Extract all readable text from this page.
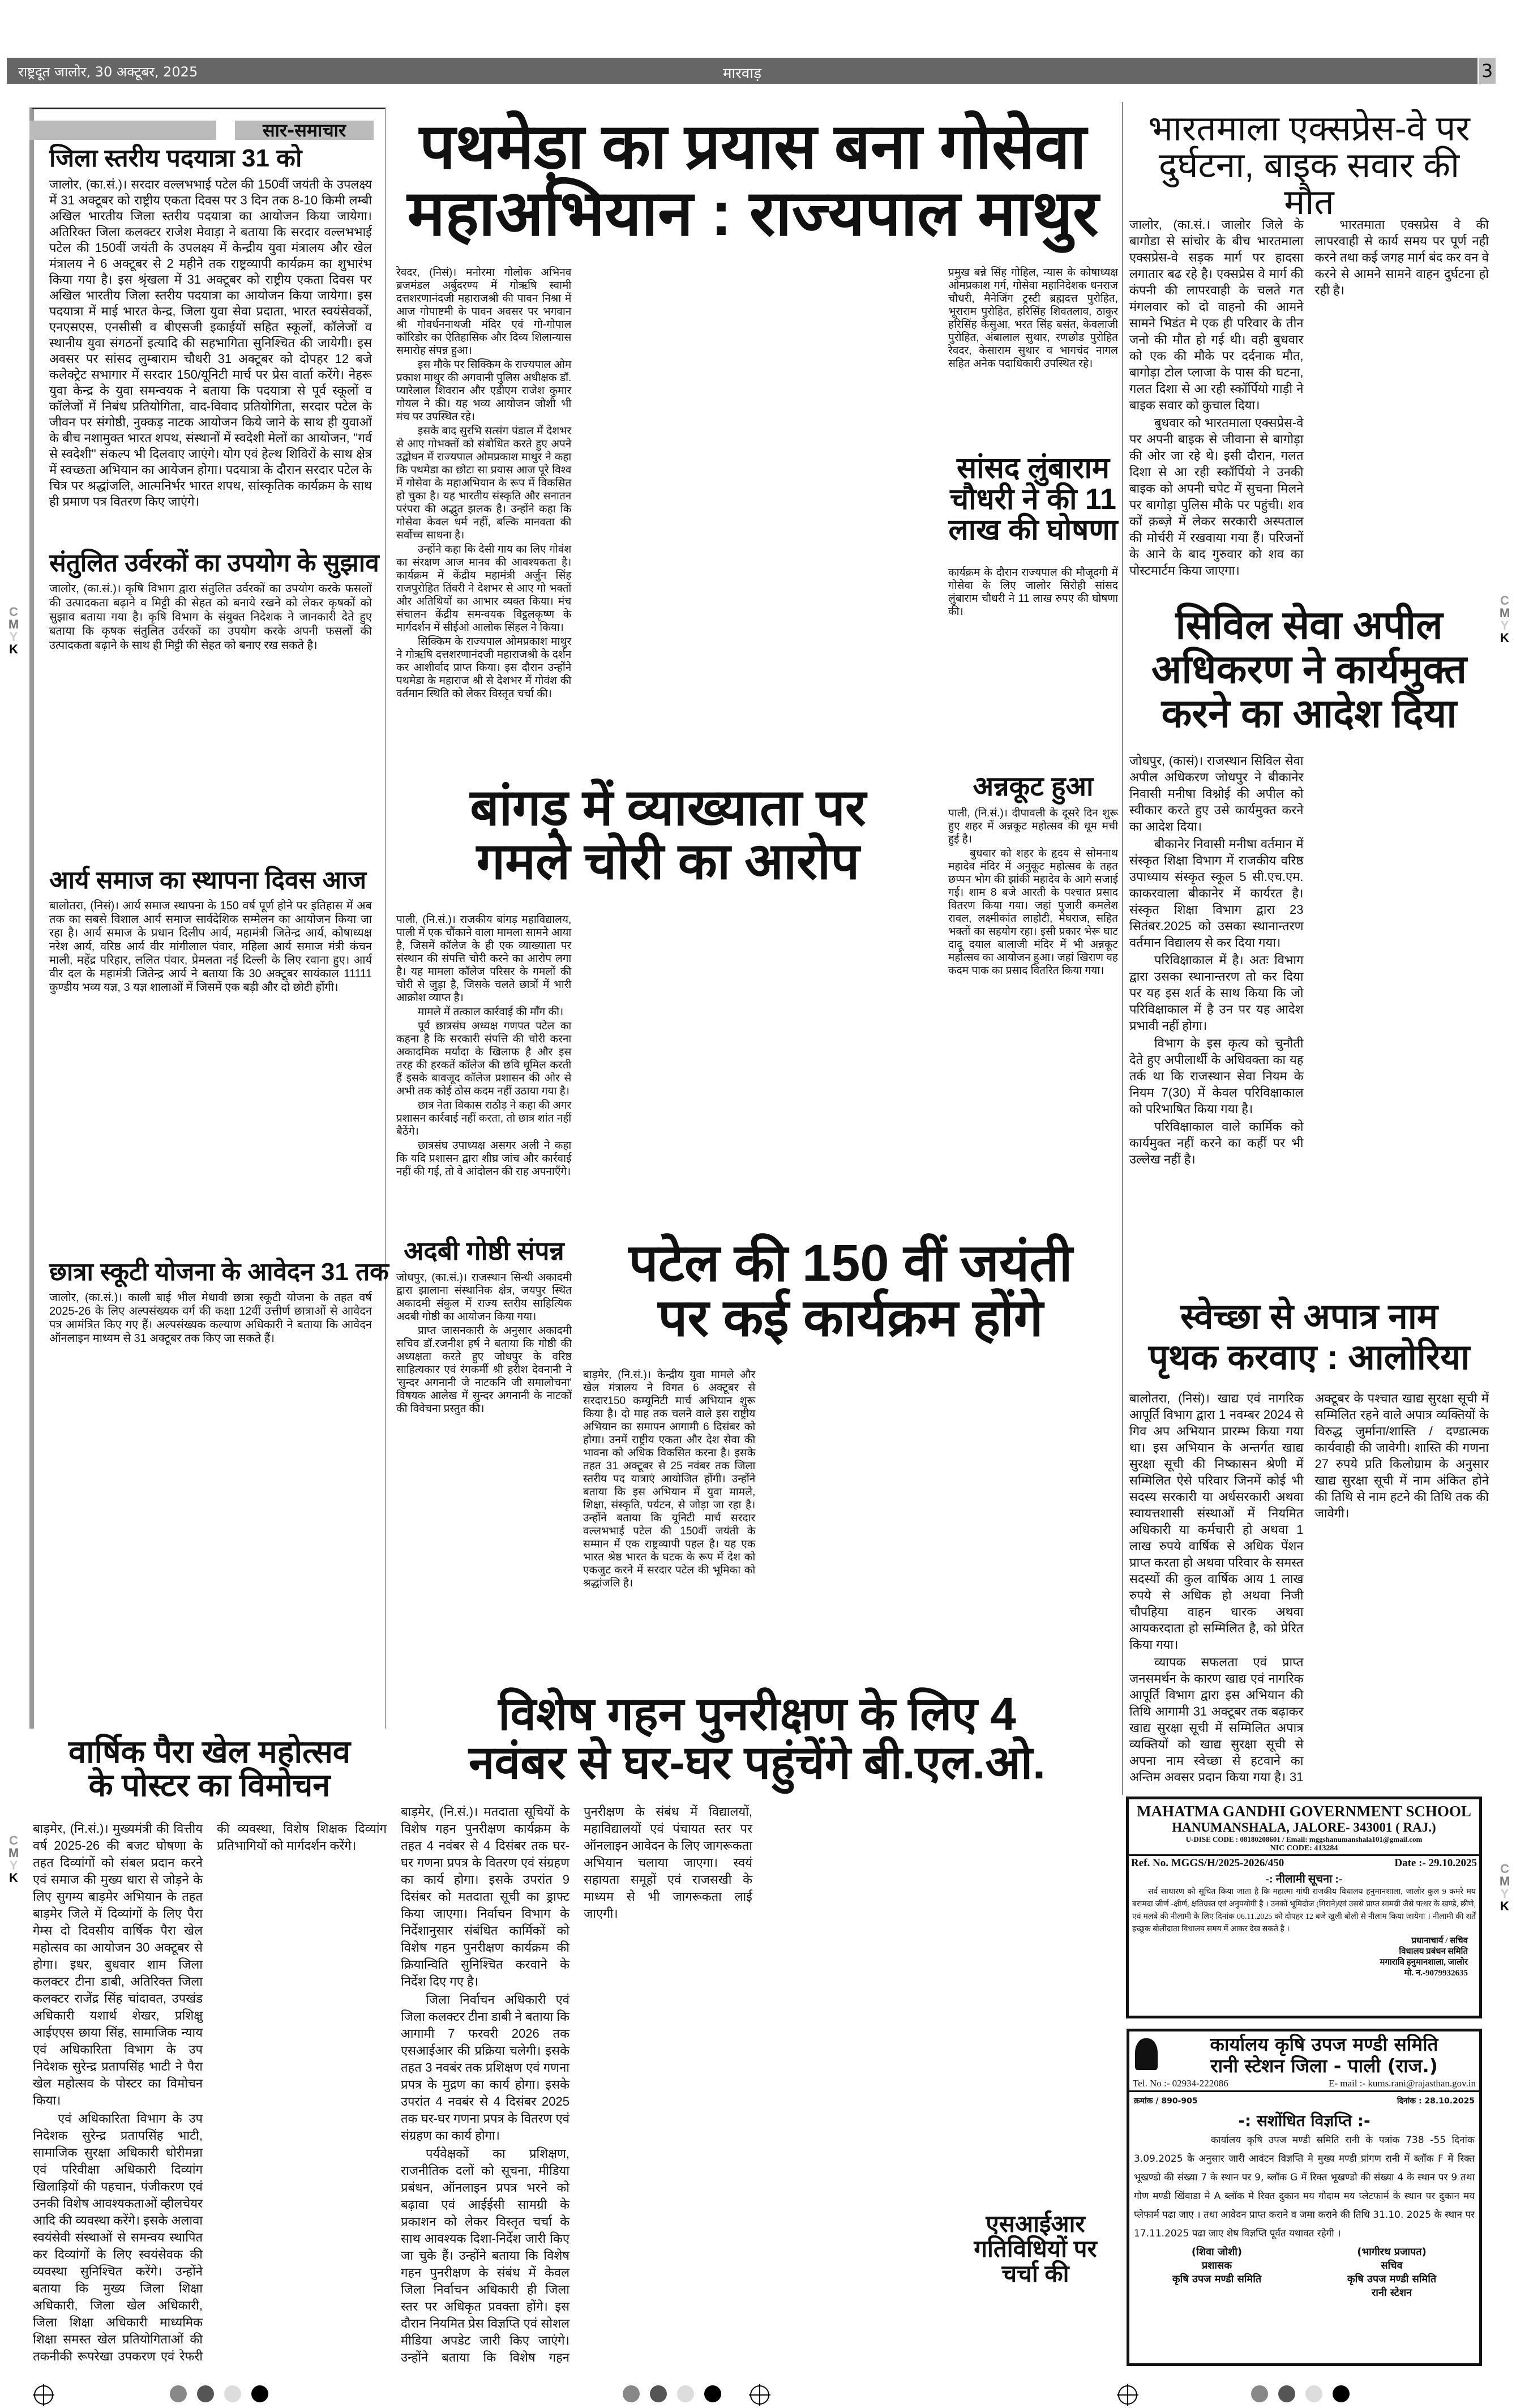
राष्ट्रदूत जालोर, 30 अक्टूबर, 2025	मारवाड़	3
सार-समाचार
जिला स्तरीय पदयात्रा 31 को

जालोर, (का.सं.)। सरदार वल्लभभाई पटेल की 150वीं जयंती के उपलक्ष्य में 31 अक्टूबर को राष्ट्रीय एकता दिवस पर 3 दिन तक 8-10 किमी लम्बी अखिल भारतीय जिला स्तरीय पदयात्रा का आयोजन किया जायेगा। अतिरिक्त जिला कलक्टर राजेश मेवाड़ा ने बताया कि सरदार वल्लभभाई पटेल की 150वीं जयंती के उपलक्ष्य में केन्द्रीय युवा मंत्रालय और खेल मंत्रालय ने 6 अक्टूबर से 2 महीने तक राष्ट्रव्यापी कार्यक्रम का शुभारंभ किया गया है। इस श्रृंखला में 31 अक्टूबर को राष्ट्रीय एकता दिवस पर अखिल भारतीय जिला स्तरीय पदयात्रा का आयोजन किया जायेगा। इस पदयात्रा में माई भारत केन्द्र, जिला युवा सेवा प्रदाता, भारत स्वयंसेवकों, एनएसएस, एनसीसी व बीएसजी इकाईयों सहित स्कूलों, कॉलेजों व स्थानीय युवा संगठनों इत्यादि की सहभागिता सुनिश्चित की जायेगी। इस अवसर पर सांसद लुम्बाराम चौधरी 31 अक्टूबर को दोपहर 12 बजे कलेक्ट्रेट सभागार में सरदार 150/यूनिटी मार्च पर प्रेस वार्ता करेंगे। नेहरू युवा केन्द्र के युवा समन्वयक ने बताया कि पदयात्रा से पूर्व स्कूलों व कॉलेजों में निबंध प्रतियोगिता, वाद-विवाद प्रतियोगिता, सरदार पटेल के जीवन पर संगोष्ठी, नुक्कड़ नाटक आयोजन किये जाने के साथ ही युवाओं के बीच नशामुक्त भारत शपथ, संस्थानों में स्वदेशी मेलों का आयोजन, ''गर्व से स्वदेशी'' संकल्प भी दिलवाए जाएंगे। योग एवं हेल्थ शिविरों के साथ क्षेत्र में स्वच्छता अभियान का आयेजन होगा। पदयात्रा के दौरान सरदार पटेल के चित्र पर श्रद्धांजलि, आत्मनिर्भर भारत शपथ, सांस्कृतिक कार्यक्रम के साथ ही प्रमाण पत्र वितरण किए जाएंगे।

संतुलित उर्वरकों का उपयोग के सुझाव

जालोर, (का.सं.)। कृषि विभाग द्वारा संतुलित उर्वरकों का उपयोग करके फसलों की उत्पादकता बढ़ाने व मिट्टी की सेहत को बनाये रखने को लेकर कृषकों को सुझाव बताया गया है। कृषि विभाग के संयुक्त निदेशक ने जानकारी देते हुए बताया कि कृषक संतुलित उर्वरकों का उपयोग करके अपनी फसलों की उत्पादकता बढ़ाने के साथ ही मिट्टी की सेहत को बनाए रख सकते है।

आर्य समाज का स्थापना दिवस आज

बालोतरा, (निसं)। आर्य समाज स्थापना के 150 वर्ष पूर्ण होने पर इतिहास में अब तक का सबसे विशाल आर्य समाज सार्वदेशिक सम्मेलन का आयोजन किया जा रहा है। आर्य समाज के प्रधान दिलीप आर्य, महामंत्री जितेन्द्र आर्य, कोषाध्यक्ष नरेश आर्य, वरिष्ठ आर्य वीर मांगीलाल पंवार, महिला आर्य समाज मंत्री कंचन माली, महेंद्र परिहार, ललित पंवार, प्रेमलता नई दिल्ली के लिए रवाना हुए। आर्य वीर दल के महामंत्री जितेन्द्र आर्य ने बताया कि 30 अक्टूबर सायंकाल 11111 कुण्डीय भव्य यज्ञ, 3 यज्ञ शालाओं में जिसमें एक बड़ी और दो छोटी होंगी।

छात्रा स्कूटी योजना के आवेदन 31 तक

जालोर, (का.सं.)। काली बाई भील मेधावी छात्रा स्कूटी योजना के तहत वर्ष 2025-26 के लिए अल्पसंख्यक वर्ग की कक्षा 12वीं उत्तीर्ण छात्राओं से आवेदन पत्र आमंत्रित किए गए हैं। अल्पसंख्यक कल्याण अधिकारी ने बताया कि आवेदन ऑनलाइन माध्यम से 31 अक्टूबर तक किए जा सकते हैं।

पथमेड़ा का प्रयास बना गोसेवा
महाअभियान : राज्यपाल माथुर

रेवदर, (निसं)। मनोरमा गोलोक अभिनव ब्रजमंडल अर्बुदरण्य में गोऋषि स्वामी दत्तशरणानंदजी महाराजश्री की पावन निश्रा में आज गोपाष्टमी के पावन अवसर पर भगवान श्री गोवर्धननाथजी मंदिर एवं गो-गोपाल कॉरिडोर का ऐतिहासिक और दिव्य शिलान्यास समारोह संपन्न हुआ।

इस मौके पर सिक्किम के राज्यपाल ओम प्रकाश माथुर की अगवानी पुलिस अधीक्षक डॉ. प्यारेलाल शिवरान और एडीएम राजेश कुमार गोयल ने की। यह भव्य आयोजन जोशी भी मंच पर उपस्थित रहे।

इसके बाद सुरभि सत्संग पंडाल में देशभर से आए गोभक्तों को संबोधित करते हुए अपने उद्बोधन में राज्यपाल ओमप्रकाश माथुर ने कहा कि पथमेडा का छोटा सा प्रयास आज पूरे विश्व में गोसेवा के महाअभियान के रूप में विकसित हो चुका है। यह भारतीय संस्कृति और सनातन परंपरा की अद्भुत झलक है। उन्होंने कहा कि गोसेवा केवल धर्म नहीं, बल्कि मानवता की सर्वोच्च साधना है।

उन्होंने कहा कि देसी गाय का लिए गोवंश का संरक्षण आज मानव की आवश्यकता है। कार्यक्रम में केंद्रीय महामंत्री अर्जुन सिंह राजपुरोहित तिंवरी ने देशभर से आए गो भक्तों और अतिथियों का आभार व्यक्त किया। मंच संचालन केंद्रीय समन्वयक विट्ठलकृष्ण के मार्गदर्शन में सीईओ आलोक सिंहल ने किया।

सिक्किम के राज्यपाल ओमप्रकाश माथुर ने गोऋषि दत्तशरणानंदजी महाराजश्री के दर्शन कर आशीर्वाद प्राप्त किया। इस दौरान उन्होंने पथमेडा के महाराज श्री से देशभर में गोवंश की वर्तमान स्थिति को लेकर विस्तृत चर्चा की।

प्रमुख बन्ने सिंह गोहिल, न्यास के कोषाध्यक्ष ओमप्रकाश गर्ग, गोसेवा महानिदेशक धनराज चौधरी, मैनेजिंग ट्रस्टी ब्रह्मदत्त पुरोहित, भूराराम पुरोहित, हरिसिंह शिवतलाव, ठाकुर हरिसिंह केसुआ, भरत सिंह बसंत, केवलाजी पुरोहित, अंबालाल सुथार, रणछोड पुरोहित रेवदर, केसाराम सुथार व भागचंद नागल सहित अनेक पदाधिकारी उपस्थित रहे।

सांसद लुंबाराम चौधरी ने की 11 लाख की घोषणा

कार्यक्रम के दौरान राज्यपाल की मौजूदगी में गोसेवा के लिए जालोर सिरोही सांसद लुंबाराम चौधरी ने 11 लाख रुपए की घोषणा की।

बांगड़ में व्याख्याता पर
गमले चोरी का आरोप

पाली, (नि.सं.)। राजकीय बांगड़ महाविद्यालय, पाली में एक चौंकाने वाला मामला सामने आया है, जिसमें कॉलेज के ही एक व्याख्याता पर संस्थान की संपत्ति चोरी करने का आरोप लगा है। यह मामला कॉलेज परिसर के गमलों की चोरी से जुड़ा है, जिसके चलते छात्रों में भारी आक्रोश व्याप्त है।

मामले में तत्काल कार्रवाई की माँग की।

पूर्व छात्रसंघ अध्यक्ष गणपत पटेल का कहना है कि सरकारी संपत्ति की चोरी करना अकादमिक मर्यादा के खिलाफ है और इस तरह की हरकतें कॉलेज की छवि धूमिल करती हैं इसके बावजूद कॉलेज प्रशासन की ओर से अभी तक कोई ठोस कदम नहीं उठाया गया है।

छात्र नेता विकास राठौड़ ने कहा की अगर प्रशासन कार्रवाई नहीं करता, तो छात्र शांत नहीं बैठेंगे।

छात्रसंघ उपाध्यक्ष असगर अली ने कहा कि यदि प्रशासन द्वारा शीघ्र जांच और कार्रवाई नहीं की गई, तो वे आंदोलन की राह अपनाएँगे।

अन्नकूट हुआ

पाली, (नि.सं.)। दीपावली के दूसरे दिन शुरू हुए शहर में अन्नकूट महोत्सव की धूम मची हुई है।

बुधवार को शहर के हृदय से सोमनाथ महादेव मंदिर में अनुकूट महोत्सव के तहत छप्पन भोग की झांकी महादेव के आगे सजाई गई। शाम 8 बजे आरती के पश्चात प्रसाद वितरण किया गया। जहां पुजारी कमलेश रावल, लक्ष्मीकांत लाहोटी, मेघराज, सहित भक्तों का सहयोग रहा। इसी प्रकार भेरू घाट दादू दयाल बालाजी मंदिर में भी अन्नकूट महोत्सव का आयोजन हुआ। जहां खिराण वह कदम पाक का प्रसाद वितरित किया गया।

अदबी गोष्ठी संपन्न

जोधपुर, (का.सं.)। राजस्थान सिन्धी अकादमी द्वारा झालाना संस्थानिक क्षेत्र, जयपुर स्थित अकादमी संकुल में राज्य स्तरीय साहित्यिक अदबी गोष्ठी का आयोजन किया गया।

प्राप्त जासनकारी के अनुसार अकादमी सचिव डॉ.रजनीश हर्ष ने बताया कि गोष्ठी की अध्यक्षता करते हुए जोधपुर के वरिष्ठ साहित्यकार एवं रंगकर्मी श्री हरीश देवनानी ने 'सुन्दर अगनानी जे नाटकनि जी समालोचना' विषयक आलेख में सुन्दर अगनानी के नाटकों की विवेचना प्रस्तुत की।

पटेल की 150 वीं जयंती
पर कई कार्यक्रम होंगे

बाड़मेर, (नि.सं.)। केन्द्रीय युवा मामले और खेल मंत्रालय ने विगत 6 अक्टूबर से सरदार150 कम्यूनिटी मार्च अभियान शुरू किया है। दो माह तक चलने वाले इस राष्ट्रीय अभियान का समापन आगामी 6 दिसंबर को होगा। उनमें राष्ट्रीय एकता और देश सेवा की भावना को अधिक विकसित करना है। इसके तहत 31 अक्टूबर से 25 नवंबर तक जिला स्तरीय पद यात्राएं आयोजित होंगी। उन्होंने बताया कि इस अभियान में युवा मामले, शिक्षा, संस्कृति, पर्यटन, से जोड़ा जा रहा है। उन्होंने बताया कि यूनिटी मार्च सरदार वल्लभभाई पटेल की 150वीं जयंती के सम्मान में एक राष्ट्रव्यापी पहल है। यह एक भारत श्रेष्ठ भारत के घटक के रूप में देश को एकजुट करने में सरदार पटेल की भूमिका को श्रद्धांजलि है।

वार्षिक पैरा खेल महोत्सव
के पोस्टर का विमोचन

बाड़मेर, (नि.सं.)। मुख्यमंत्री की वित्तीय वर्ष 2025-26 की बजट घोषणा के तहत दिव्यांगों को संबल प्रदान करने एवं समाज की मुख्य धारा से जोड़ने के लिए सुगम्य बाड़मेर अभियान के तहत बाड़मेर जिले में दिव्यांगों के लिए पैरा गेम्स दो दिवसीय वार्षिक पैरा खेल महोत्सव का आयोजन 30 अक्टूबर से होगा। इधर, बुधवार शाम जिला कलक्टर टीना डाबी, अतिरिक्त जिला कलक्टर राजेंद्र सिंह चांदावत, उपखंड अधिकारी यशार्थ शेखर, प्रशिक्षु आईएएस छाया सिंह, सामाजिक न्याय एवं अधिकारिता विभाग के उप निदेशक सुरेन्द्र प्रतापसिंह भाटी ने पैरा खेल महोत्सव के पोस्टर का विमोचन किया।

एवं अधिकारिता विभाग के उप निदेशक सुरेन्द्र प्रतापसिंह भाटी, सामाजिक सुरक्षा अधिकारी धोरीमन्ना एवं परिवीक्षा अधिकारी दिव्यांग खिलाड़ियों की पहचान, पंजीकरण एवं उनकी विशेष आवश्यकताओं व्हीलचेयर आदि की व्यवस्था करेंगे। इसके अलावा स्वयंसेवी संस्थाओं से समन्वय स्थापित कर दिव्यांगों के लिए स्वयंसेवक की व्यवस्था सुनिश्चित करेंगे। उन्होंने बताया कि मुख्य जिला शिक्षा अधिकारी, जिला खेल अधिकारी, जिला शिक्षा अधिकारी माध्यमिक शिक्षा समस्त खेल प्रतियोगिताओं की तकनीकी रूपरेखा उपकरण एवं रेफरी की व्यवस्था, विशेष शिक्षक दिव्यांग प्रतिभागियों को मार्गदर्शन करेंगे।

विशेष गहन पुनरीक्षण के लिए 4
नवंबर से घर-घर पहुंचेंगे बी.एल.ओ.

बाड़मेर, (नि.सं.)। मतदाता सूचियों के विशेष गहन पुनरीक्षण कार्यक्रम के तहत 4 नवंबर से 4 दिसंबर तक घर-घर गणना प्रपत्र के वितरण एवं संग्रहण का कार्य होगा। इसके उपरांत 9 दिसंबर को मतदाता सूची का ड्राफ्ट किया जाएगा। निर्वाचन विभाग के निर्देशानुसार संबंधित कार्मिकों को विशेष गहन पुनरीक्षण कार्यक्रम की क्रियान्विति सुनिश्चित करवाने के निर्देश दिए गए है।

जिला निर्वाचन अधिकारी एवं जिला कलक्टर टीना डाबी ने बताया कि आगामी 7 फरवरी 2026 तक एसआईआर की प्रक्रिया चलेगी। इसके तहत 3 नवबंर तक प्रशिक्षण एवं गणना प्रपत्र के मुद्रण का कार्य होगा। इसके उपरांत 4 नवबंर से 4 दिसंबर 2025 तक घर-घर गणना प्रपत्र के वितरण एवं संग्रहण का कार्य होगा।

पर्यवेक्षकों का प्रशिक्षण, राजनीतिक दलों को सूचना, मीडिया प्रबंधन, ऑनलाइन प्रपत्र भरने को बढ़ावा एवं आईईसी सामग्री के प्रकाशन को लेकर विस्तृत चर्चा के साथ आवश्यक दिशा-निर्देश जारी किए जा चुके हैं। उन्होंने बताया कि विशेष गहन पुनरीक्षण के संबंध में केवल जिला निर्वाचन अधिकारी ही जिला स्तर पर अधिकृत प्रवक्ता होंगे। इस दौरान नियमित प्रेस विज्ञप्ति एवं सोशल मीडिया अपडेट जारी किए जाएंगे। उन्होंने बताया कि विशेष गहन पुनरीक्षण के संबंध में विद्यालयों, महाविद्यालयों एवं पंचायत स्तर पर ऑनलाइन आवेदन के लिए जागरूकता अभियान चलाया जाएगा। स्वयं सहायता समूहों एवं राजसखी के माध्यम से भी जागरूकता लाई जाएगी।

एसआईआर गतिविधियों पर चर्चा की
भारतमाला एक्सप्रेस-वे पर
दुर्घटना, बाइक सवार की मौत

जालोर, (का.सं.। जालोर जिले के बागोडा से सांचोर के बीच भारतमाला एक्सप्रेस-वे सड़क मार्ग पर हादसा लगातार बढ रहे है। एक्सप्रेस वे मार्ग की कंपनी की लापरवाही के चलते गत मंगलवार को दो वाहनो की आमने सामने भिडंत मे एक ही परिवार के तीन जनो की मौत हो गई थी। वही बुधवार को एक की मौके पर दर्दनाक मौत, बागोड़ा टोल प्लाजा के पास की घटना, गलत दिशा से आ रही स्कॉर्पियो गाड़ी ने बाइक सवार को कुचाल दिया।

बुधवार को भारतमाला एक्सप्रेस-वे पर अपनी बाइक से जीवाना से बागोड़ा की ओर जा रहे थे। इसी दौरान, गलत दिशा से आ रही स्कॉर्पियो ने उनकी बाइक को अपनी चपेट में सुचना मिलने पर बागोड़ा पुलिस मौके पर पहुंची। शव कों क़ब्ज़े में लेकर सरकारी अस्पताल की मोर्चरी में रखवाया गया हैं। परिजनों के आने के बाद गुरुवार को शव का पोस्टमार्टम किया जाएगा।

भारतमाता एक्सप्रेस वे की लापरवाही से कार्य समय पर पूर्ण नही करने तथा कई जगह मार्ग बंद कर वन वे करने से आमने सामने वाहन दुर्घटना हो रही है।

सिविल सेवा अपील
अधिकरण ने कार्यमुक्त
करने का आदेश दिया

जोधपुर, (कासं)। राजस्थान सिविल सेवा अपील अधिकरण जोधपुर ने बीकानेर निवासी मनीषा विश्नोई की अपील को स्वीकार करते हुए उसे कार्यमुक्त करने का आदेश दिया।

बीकानेर निवासी मनीषा वर्तमान में संस्कृत शिक्षा विभाग में राजकीय वरिष्ठ उपाध्याय संस्कृत स्कूल 5 सी.एच.एम. काकरवाला बीकानेर में कार्यरत है। संस्कृत शिक्षा विभाग द्वारा 23 सितंबर.2025 को उसका स्थानान्तरण वर्तमान विद्यालय से कर दिया गया।

परिविक्षाकाल में है। अतः विभाग द्वारा उसका स्थानान्तरण तो कर दिया पर यह इस शर्त के साथ किया कि जो परिविक्षाकाल में है उन पर यह आदेश प्रभावी नहीं होगा।

विभाग के इस कृत्य को चुनौती देते हुए अपीलार्थी के अधिवक्ता का यह तर्क था कि राजस्थान सेवा नियम के नियम 7(30) में केवल परिविक्षाकाल को परिभाषित किया गया है।

परिविक्षाकाल वाले कार्मिक को कार्यमुक्त नहीं करने का कहीं पर भी उल्लेख नहीं है।

स्वेच्छा से अपात्र नाम
पृथक करवाए : आलोरिया

बालोतरा, (निसं)। खाद्य एवं नागरिक आपूर्ति विभाग द्वारा 1 नवम्बर 2024 से गिव अप अभियान प्रारम्भ किया गया था। इस अभियान के अन्तर्गत खाद्य सुरक्षा सूची की निष्कासन श्रेणी में सम्मिलित ऐसे परिवार जिनमें कोई भी सदस्य सरकारी या अर्धसरकारी अथवा स्वायत्तशासी संस्थाओं में नियमित अधिकारी या कर्मचारी हो अथवा 1 लाख रुपये वार्षिक से अधिक पेंशन प्राप्त करता हो अथवा परिवार के समस्त सदस्यों की कुल वार्षिक आय 1 लाख रुपये से अधिक हो अथवा निजी चौपहिया वाहन धारक अथवा आयकरदाता हो सम्मिलित है, को प्रेरित किया गया।

व्यापक सफलता एवं प्राप्त जनसमर्थन के कारण खाद्य एवं नागरिक आपूर्ति विभाग द्वारा इस अभियान की तिथि आगामी 31 अक्टूबर तक बढ़ाकर खाद्य सुरक्षा सूची में सम्मिलित अपात्र व्यक्तियों को खाद्य सुरक्षा सूची से अपना नाम स्वेच्छा से हटवाने का अन्तिम अवसर प्रदान किया गया है। 31 अक्टूबर के पश्चात खाद्य सुरक्षा सूची में सम्मिलित रहने वाले अपात्र व्यक्तियों के विरुद्ध जुर्माना/शास्ति / दण्डात्मक कार्यवाही की जावेगी। शास्ति की गणना 27 रुपये प्रति किलोग्राम के अनुसार खाद्य सुरक्षा सूची में नाम अंकित होने की तिथि से नाम हटने की तिथि तक की जावेगी।

MAHATMA GANDHI GOVERNMENT SCHOOL
HANUMANSHALA, JALORE- 343001 ( RAJ.)
U-DISE CODE : 08180208601 / Email: mggshanumanshala101@gmail.com
NIC CODE: 413284
Ref. No. MGGS/H/2025-2026/450	Date :- 29.10.2025
-: नीलामी सूचना :-
सर्व साधारण को सूचित किया जाता है कि महात्मा गांधी राजकीय विधालय हनुमानशाला, जालोर कुल 9 कमरे मय बरामदा जीर्ण -क्षीर्ण, क्षतिग्रस्त एवं अनुपयोगी है । उनकों भूमिदोज (गिराने)एवं उससे प्राप्त सामग्री जैसे पत्थर के खण्डे, छीणे, एवं मलबे की नीलामी के लिए दिनांक 06.11.2025 को दोपहर 12 बजे खुली बोली से नीलाम किया जायेगा । नीलामी की शर्तें इच्छूक बोलीदाता विधालय समय में आकर देख सकते है ।
प्रधानाचार्य / सचिव
विधालय प्रबंधन समिति
मगारावि हनुमानशाला, जालोर
मो. न.-9079932635
कार्यालय कृषि उपज मण्डी समिति
रानी स्टेशन जिला - पाली (राज.)
Tel. No :- 02934-222086	E- mail :- kums.rani@rajasthan.gov.in
क्रमांक / 890-905	दिनांक : 28.10.2025
-: सशोंधित विज्ञप्ति :-
कार्यालय कृषि उपज मण्डी समिति रानी के पत्रांक 738 -55 दिनांक 3.09.2025 के अनुसार जारी आवंटन विज्ञप्ति मे मुख्य मण्डी प्रांगण रानी में ब्लॉक F में रिक्त भूखण्डो की संख्या 7 के स्थान पर 9, ब्लॉक G में रिक्त भूखण्डो की संख्या 4 के स्थान पर 9 तथा गौण मण्डी खिंवाडा मे A ब्लॉक मे रिक्त दुकान मय गौदाम मय प्लेटफार्म के स्थान पर दुकान मय प्लेफार्म पढा जाए । तथा आवेदन प्राप्त कराने व जमा कराने की तिथि 31.10. 2025 के स्थान पर 17.11.2025 पढा जाए शेष विज्ञप्ति पूर्वत यथावत रहेगी ।
(शिवा जोशी)
प्रशासक
कृषि उपज मण्डी समिति
(भागीरथ प्रजापत)
सचिव
कृषि उपज मण्डी समिति
रानी स्टेशन
C
M
Y
K
C
M
Y
K
C
M
Y
K
C
M
Y
K
